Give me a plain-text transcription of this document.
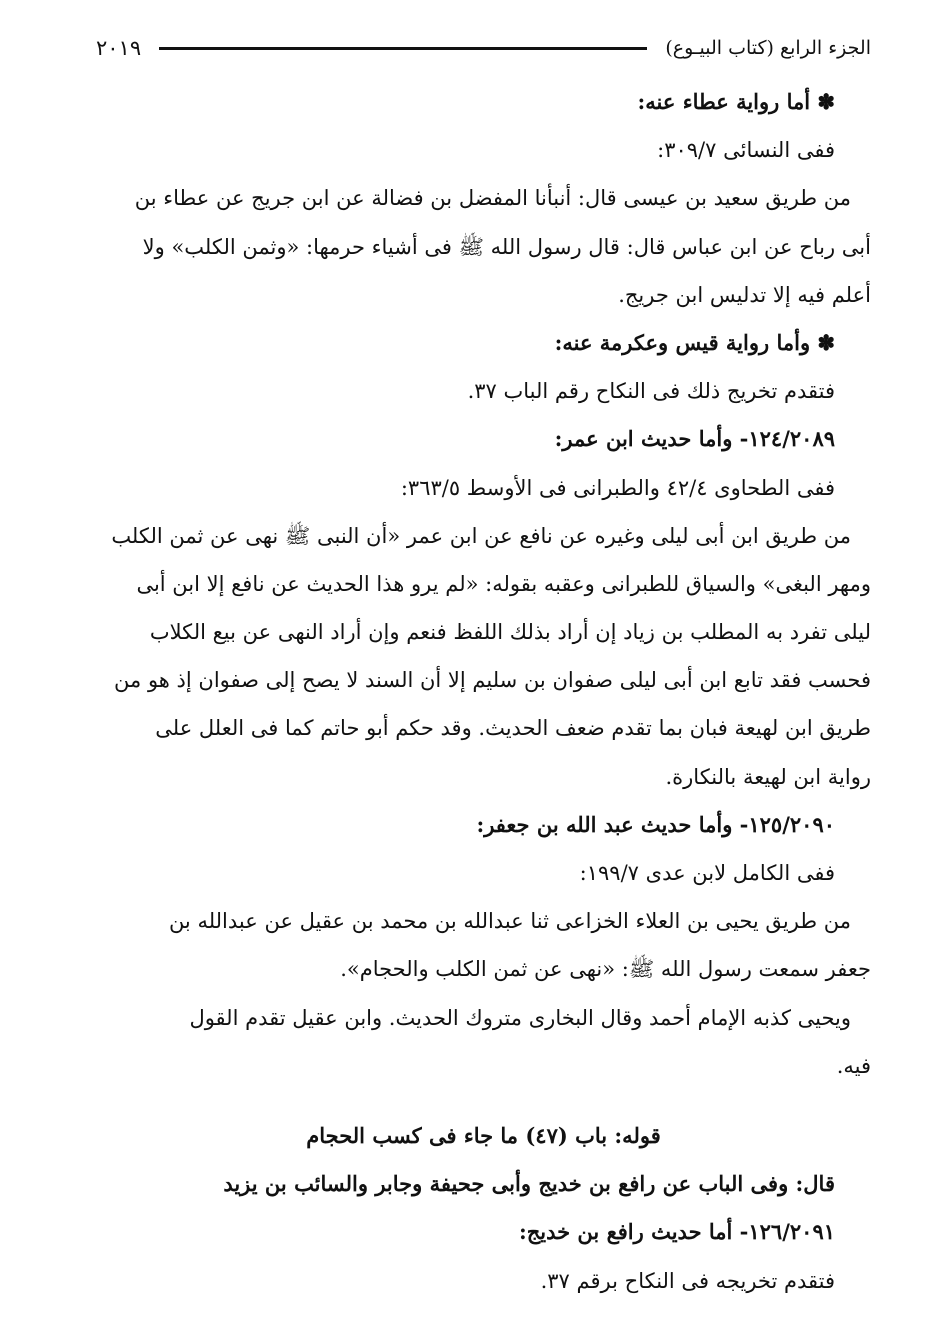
الجزء الرابع (كتاب البيـوع)
٢٠١٩
✽ أما رواية عطاء عنه:
ففى النسائى ٣٠٩/٧:
من طريق سعيد بن عيسى قال: أنبأنا المفضل بن فضالة عن ابن جريج عن عطاء بن
أبى رباح عن ابن عباس قال: قال رسول الله ﷺ فى أشياء حرمها: «وثمن الكلب» ولا
أعلم فيه إلا تدليس ابن جريج.
✽ وأما رواية قيس وعكرمة عنه:
فتقدم تخريج ذلك فى النكاح رقم الباب ٣٧.
١٢٤/٢٠٨٩- وأما حديث ابن عمر:
ففى الطحاوى ٤٢/٤ والطبرانى فى الأوسط ٣٦٣/٥:
من طريق ابن أبى ليلى وغيره عن نافع عن ابن عمر «أن النبى ﷺ نهى عن ثمن الكلب
ومهر البغى» والسياق للطبرانى وعقبه بقوله: «لم يرو هذا الحديث عن نافع إلا ابن أبى
ليلى تفرد به المطلب بن زياد إن أراد بذلك اللفظ فنعم وإن أراد النهى عن بيع الكلاب
فحسب فقد تابع ابن أبى ليلى صفوان بن سليم إلا أن السند لا يصح إلى صفوان إذ هو من
طريق ابن لهيعة فبان بما تقدم ضعف الحديث. وقد حكم أبو حاتم كما فى العلل على
رواية ابن لهيعة بالنكارة.
١٢٥/٢٠٩٠- وأما حديث عبد الله بن جعفر:
ففى الكامل لابن عدى ١٩٩/٧:
من طريق يحيى بن العلاء الخزاعى ثنا عبدالله بن محمد بن عقيل عن عبدالله بن
جعفر سمعت رسول الله ﷺ: «نهى عن ثمن الكلب والحجام».
ويحيى كذبه الإمام أحمد وقال البخارى متروك الحديث. وابن عقيل تقدم القول
فيه.
قوله: باب (٤٧) ما جاء فى كسب الحجام
قال: وفى الباب عن رافع بن خديج وأبى جحيفة وجابر والسائب بن يزيد
١٢٦/٢٠٩١- أما حديث رافع بن خديج:
فتقدم تخريجه فى النكاح برقم ٣٧.
